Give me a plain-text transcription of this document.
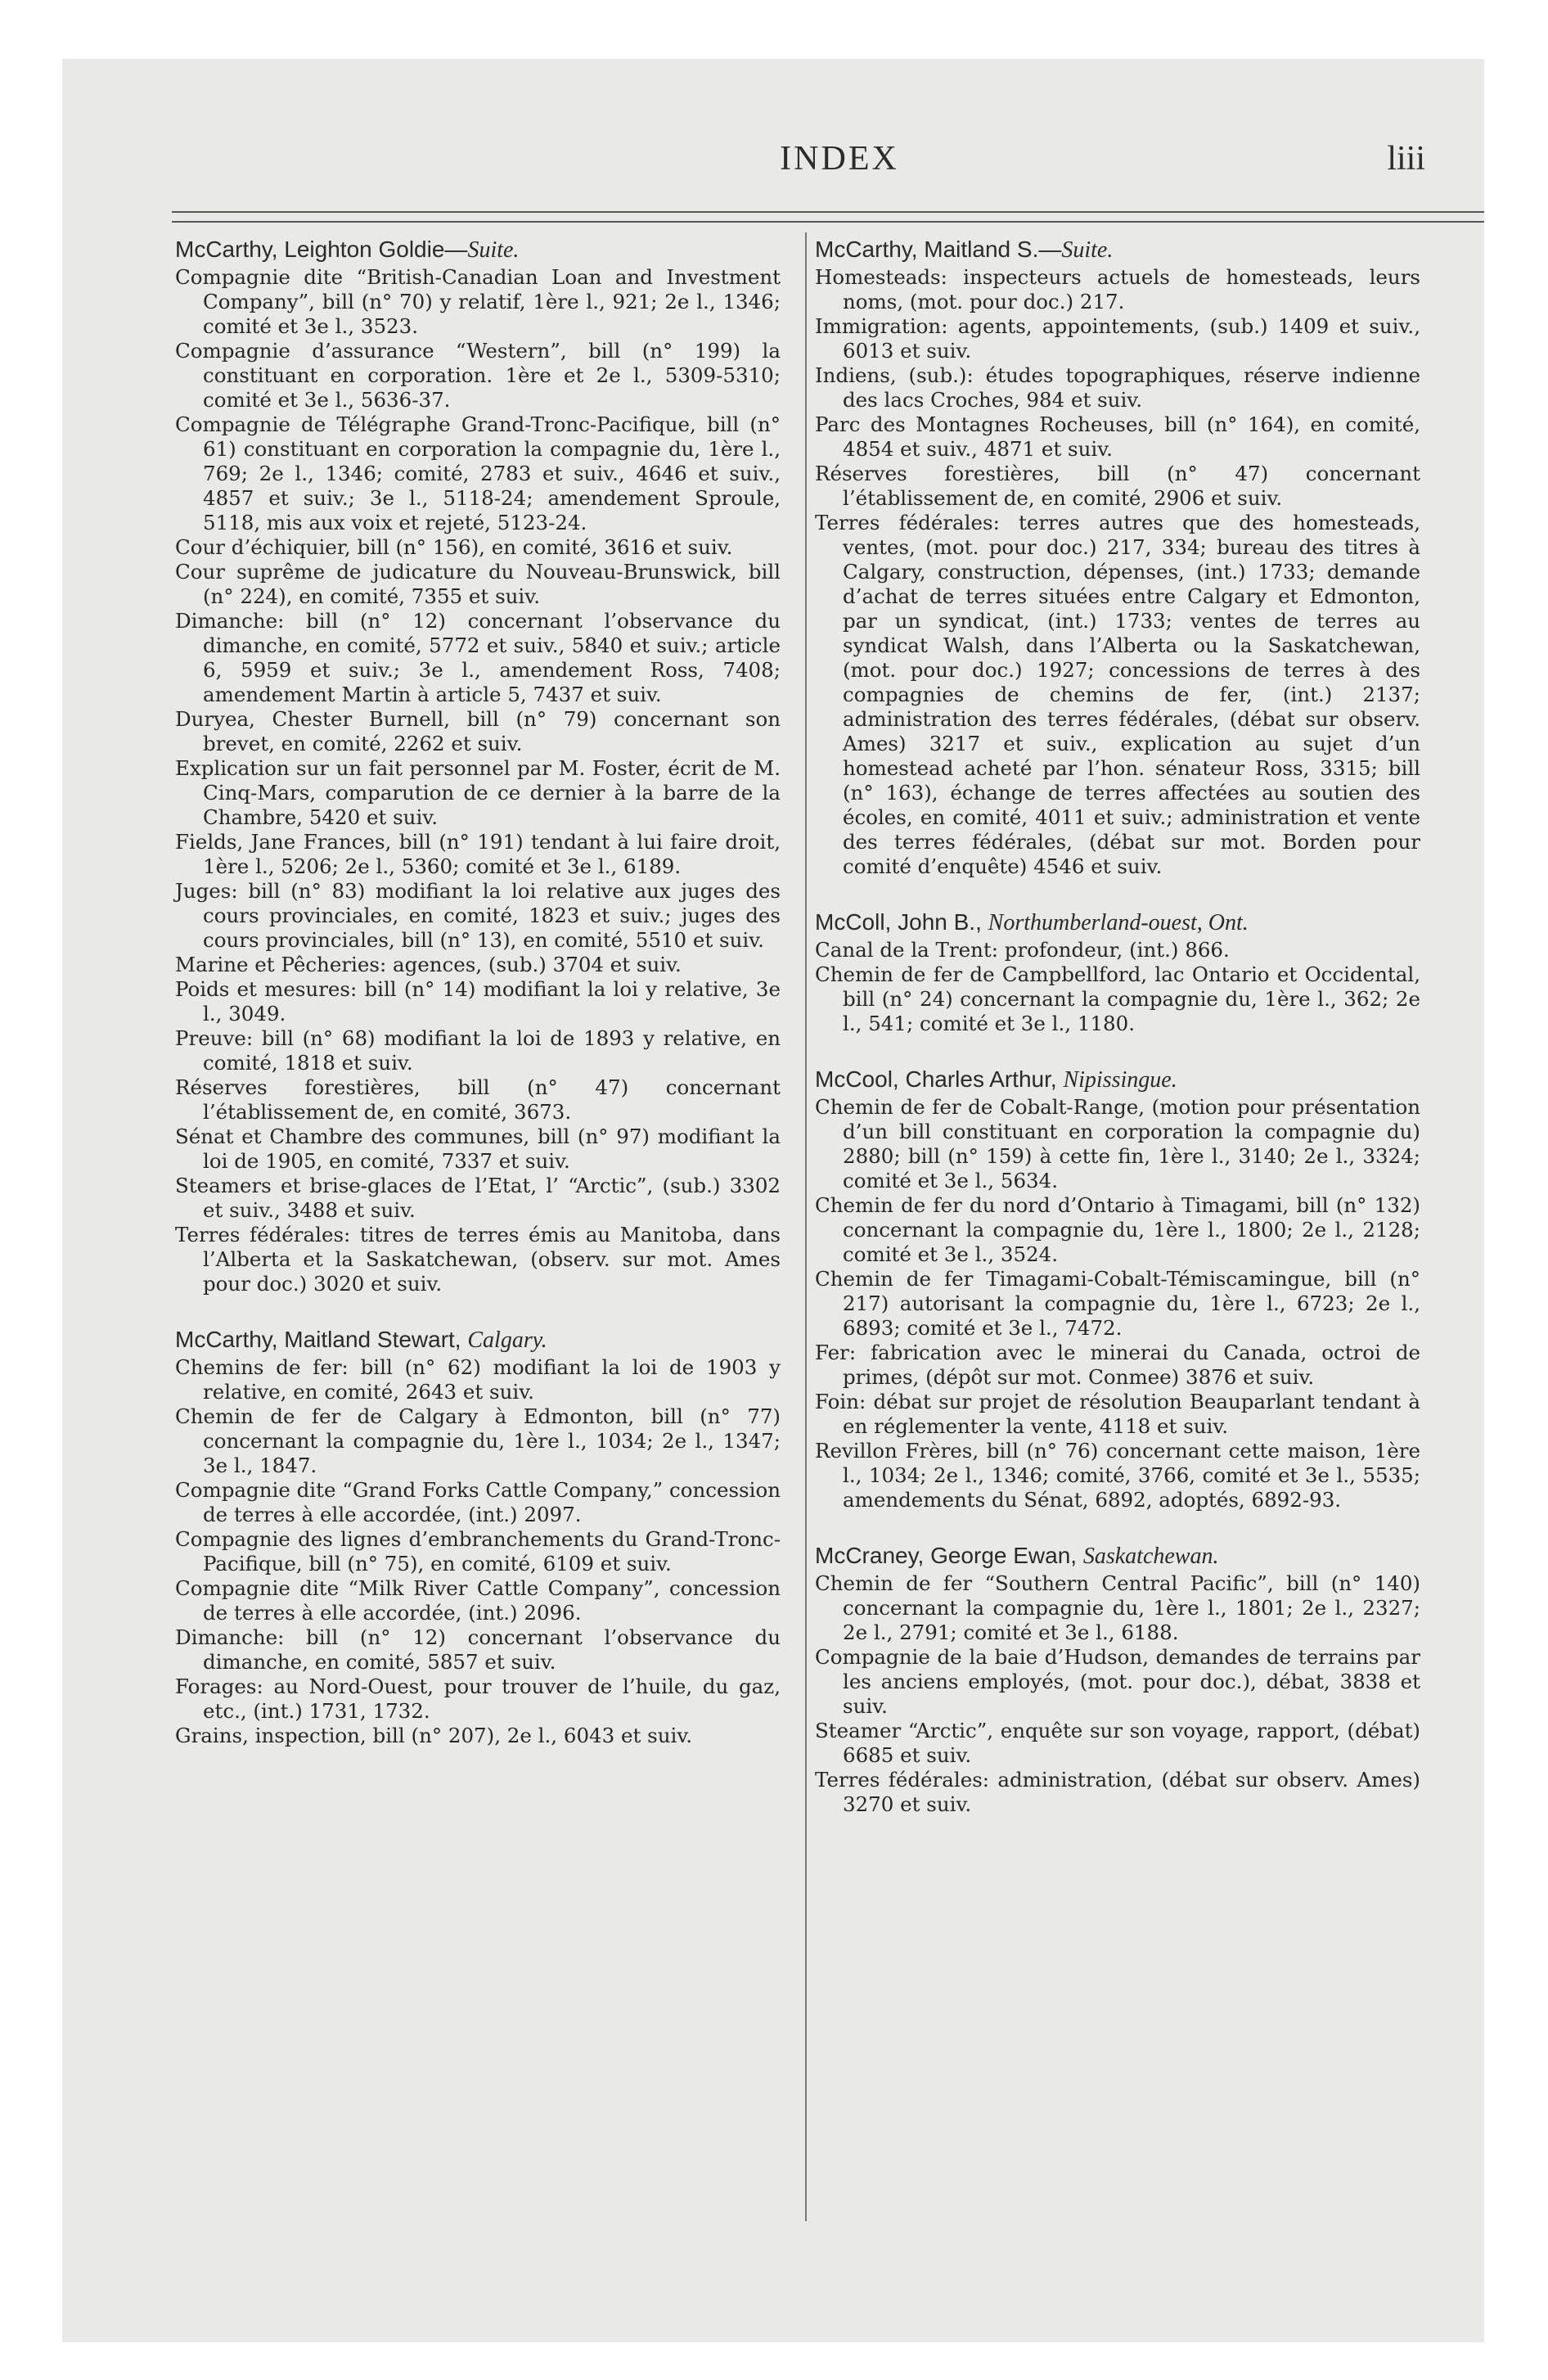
INDEX	liii
McCarthy, Leighton Goldie—Suite.

Compagnie dite “British-Canadian Loan and Investment Company”, bill (n° 70) y relatif, 1ère l., 921; 2e l., 1346; comité et 3e l., 3523.

Compagnie d’assurance “Western”, bill (n° 199) la constituant en corporation. 1ère et 2e l., 5309-5310; comité et 3e l., 5636-37.

Compagnie de Télégraphe Grand-Tronc-Pacifique, bill (n° 61) constituant en corporation la compagnie du, 1ère l., 769; 2e l., 1346; comité, 2783 et suiv., 4646 et suiv., 4857 et suiv.; 3e l., 5118-24; amendement Sproule, 5118, mis aux voix et rejeté, 5123-24.

Cour d’échiquier, bill (n° 156), en comité, 3616 et suiv.

Cour suprême de judicature du Nouveau-Brunswick, bill (n° 224), en comité, 7355 et suiv.

Dimanche: bill (n° 12) concernant l’observance du dimanche, en comité, 5772 et suiv., 5840 et suiv.; article 6, 5959 et suiv.; 3e l., amendement Ross, 7408; amendement Martin à article 5, 7437 et suiv.

Duryea, Chester Burnell, bill (n° 79) concernant son brevet, en comité, 2262 et suiv.

Explication sur un fait personnel par M. Foster, écrit de M. Cinq-Mars, comparution de ce dernier à la barre de la Chambre, 5420 et suiv.

Fields, Jane Frances, bill (n° 191) tendant à lui faire droit, 1ère l., 5206; 2e l., 5360; comité et 3e l., 6189.

Juges: bill (n° 83) modifiant la loi relative aux juges des cours provinciales, en comité, 1823 et suiv.; juges des cours provinciales, bill (n° 13), en comité, 5510 et suiv.

Marine et Pêcheries: agences, (sub.) 3704 et suiv.

Poids et mesures: bill (n° 14) modifiant la loi y relative, 3e l., 3049.

Preuve: bill (n° 68) modifiant la loi de 1893 y relative, en comité, 1818 et suiv.

Réserves forestières, bill (n° 47) concernant l’établissement de, en comité, 3673.

Sénat et Chambre des communes, bill (n° 97) modifiant la loi de 1905, en comité, 7337 et suiv.

Steamers et brise-glaces de l’Etat, l’ “Arctic”, (sub.) 3302 et suiv., 3488 et suiv.

Terres fédérales: titres de terres émis au Manitoba, dans l’Alberta et la Saskatchewan, (observ. sur mot. Ames pour doc.) 3020 et suiv.

McCarthy, Maitland Stewart, Calgary.

Chemins de fer: bill (n° 62) modifiant la loi de 1903 y relative, en comité, 2643 et suiv.

Chemin de fer de Calgary à Edmonton, bill (n° 77) concernant la compagnie du, 1ère l., 1034; 2e l., 1347; 3e l., 1847.

Compagnie dite “Grand Forks Cattle Company,” concession de terres à elle accordée, (int.) 2097.

Compagnie des lignes d’embranchements du Grand-Tronc-Pacifique, bill (n° 75), en comité, 6109 et suiv.

Compagnie dite “Milk River Cattle Company”, concession de terres à elle accordée, (int.) 2096.

Dimanche: bill (n° 12) concernant l’observance du dimanche, en comité, 5857 et suiv.

Forages: au Nord-Ouest, pour trouver de l’huile, du gaz, etc., (int.) 1731, 1732.

Grains, inspection, bill (n° 207), 2e l., 6043 et suiv.

McCarthy, Maitland S.—Suite.

Homesteads: inspecteurs actuels de homesteads, leurs noms, (mot. pour doc.) 217.

Immigration: agents, appointements, (sub.) 1409 et suiv., 6013 et suiv.

Indiens, (sub.): études topographiques, réserve indienne des lacs Croches, 984 et suiv.

Parc des Montagnes Rocheuses, bill (n° 164), en comité, 4854 et suiv., 4871 et suiv.

Réserves forestières, bill (n° 47) concernant l’établissement de, en comité, 2906 et suiv.

Terres fédérales: terres autres que des homesteads, ventes, (mot. pour doc.) 217, 334; bureau des titres à Calgary, construction, dépenses, (int.) 1733; demande d’achat de terres situées entre Calgary et Edmonton, par un syndicat, (int.) 1733; ventes de terres au syndicat Walsh, dans l’Alberta ou la Saskatchewan, (mot. pour doc.) 1927; concessions de terres à des compagnies de chemins de fer, (int.) 2137; administration des terres fédérales, (débat sur observ. Ames) 3217 et suiv., explication au sujet d’un homestead acheté par l’hon. sénateur Ross, 3315; bill (n° 163), échange de terres affectées au soutien des écoles, en comité, 4011 et suiv.; administration et vente des terres fédérales, (débat sur mot. Borden pour comité d’enquête) 4546 et suiv.

McColl, John B., Northumberland-ouest, Ont.

Canal de la Trent: profondeur, (int.) 866.

Chemin de fer de Campbellford, lac Ontario et Occidental, bill (n° 24) concernant la compagnie du, 1ère l., 362; 2e l., 541; comité et 3e l., 1180.

McCool, Charles Arthur, Nipissingue.

Chemin de fer de Cobalt-Range, (motion pour présentation d’un bill constituant en corporation la compagnie du) 2880; bill (n° 159) à cette fin, 1ère l., 3140; 2e l., 3324; comité et 3e l., 5634.

Chemin de fer du nord d’Ontario à Timagami, bill (n° 132) concernant la compagnie du, 1ère l., 1800; 2e l., 2128; comité et 3e l., 3524.

Chemin de fer Timagami-Cobalt-Témiscamingue, bill (n° 217) autorisant la compagnie du, 1ère l., 6723; 2e l., 6893; comité et 3e l., 7472.

Fer: fabrication avec le minerai du Canada, octroi de primes, (dépôt sur mot. Conmee) 3876 et suiv.

Foin: débat sur projet de résolution Beauparlant tendant à en réglementer la vente, 4118 et suiv.

Revillon Frères, bill (n° 76) concernant cette maison, 1ère l., 1034; 2e l., 1346; comité, 3766, comité et 3e l., 5535; amendements du Sénat, 6892, adoptés, 6892-93.

McCraney, George Ewan, Saskatchewan.

Chemin de fer “Southern Central Pacific”, bill (n° 140) concernant la compagnie du, 1ère l., 1801; 2e l., 2327; 2e l., 2791; comité et 3e l., 6188.

Compagnie de la baie d’Hudson, demandes de terrains par les anciens employés, (mot. pour doc.), débat, 3838 et suiv.

Steamer “Arctic”, enquête sur son voyage, rapport, (débat) 6685 et suiv.

Terres fédérales: administration, (débat sur observ. Ames) 3270 et suiv.
